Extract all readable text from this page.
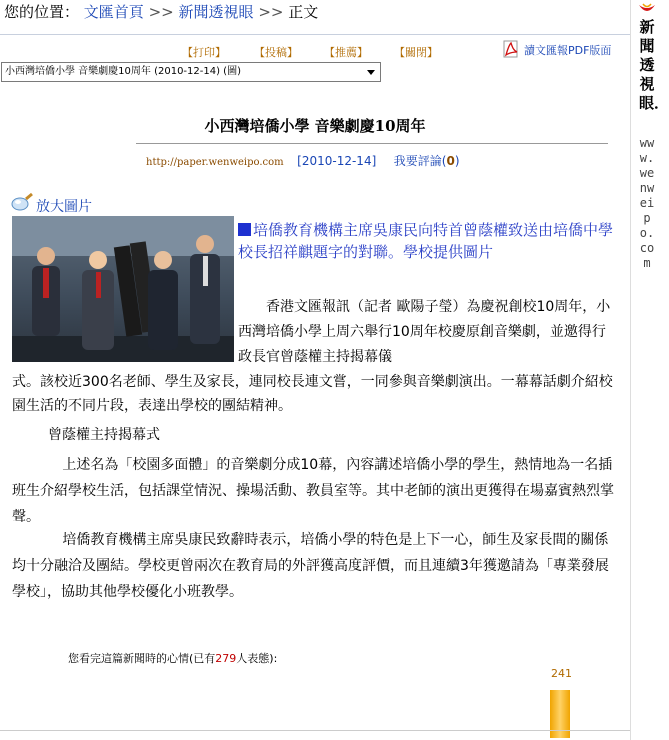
您的位置： 文匯首頁 >> 新聞透視眼 >> 正文
【打印】	【投稿】 【推薦】 【關閉】	讀文匯報PDF版面
小西灣培僑小學 音樂劇慶10周年 (2010-12-14) (圖)
小西灣培僑小學 音樂劇慶10周年
http://paper.wenweipo.com [2010-12-14] 我要評論(0)
放大圖片
培僑教育機構主席吳康民向特首曾蔭權致送由培僑中學校長招祥麒題字的對聯。學校提供圖片
香港文匯報訊（記者 歐陽子瑩）為慶祝創校10周年，小西灣培僑小學上周六舉行10周年校慶原創音樂劇，並邀得行政長官曾蔭權主持揭幕儀
式。該校近300名老師、學生及家長，連同校長連文嘗，一同參與音樂劇演出。一幕幕話劇介紹校園生活的不同片段，表達出學校的團結精神。
曾蔭權主持揭幕式
上述名為「校園多面體」的音樂劇分成10幕，內容講述培僑小學的學生，熱情地為一名插班生介紹學校生活，包括課堂情況、操場活動、教員室等。其中老師的演出更獲得在場嘉賓熱烈掌聲。
培僑教育機構主席吳康民致辭時表示，培僑小學的特色是上下一心，師生及家長間的關係均十分融洽及團結。學校更曾兩次在教育局的外評獲高度評價，而且連續3年獲邀請為「專業發展學校」，協助其他學校優化小班教學。
您看完這篇新聞時的心情(已有279人表態):
241
新聞透視眼．
www.wenweipo.com
